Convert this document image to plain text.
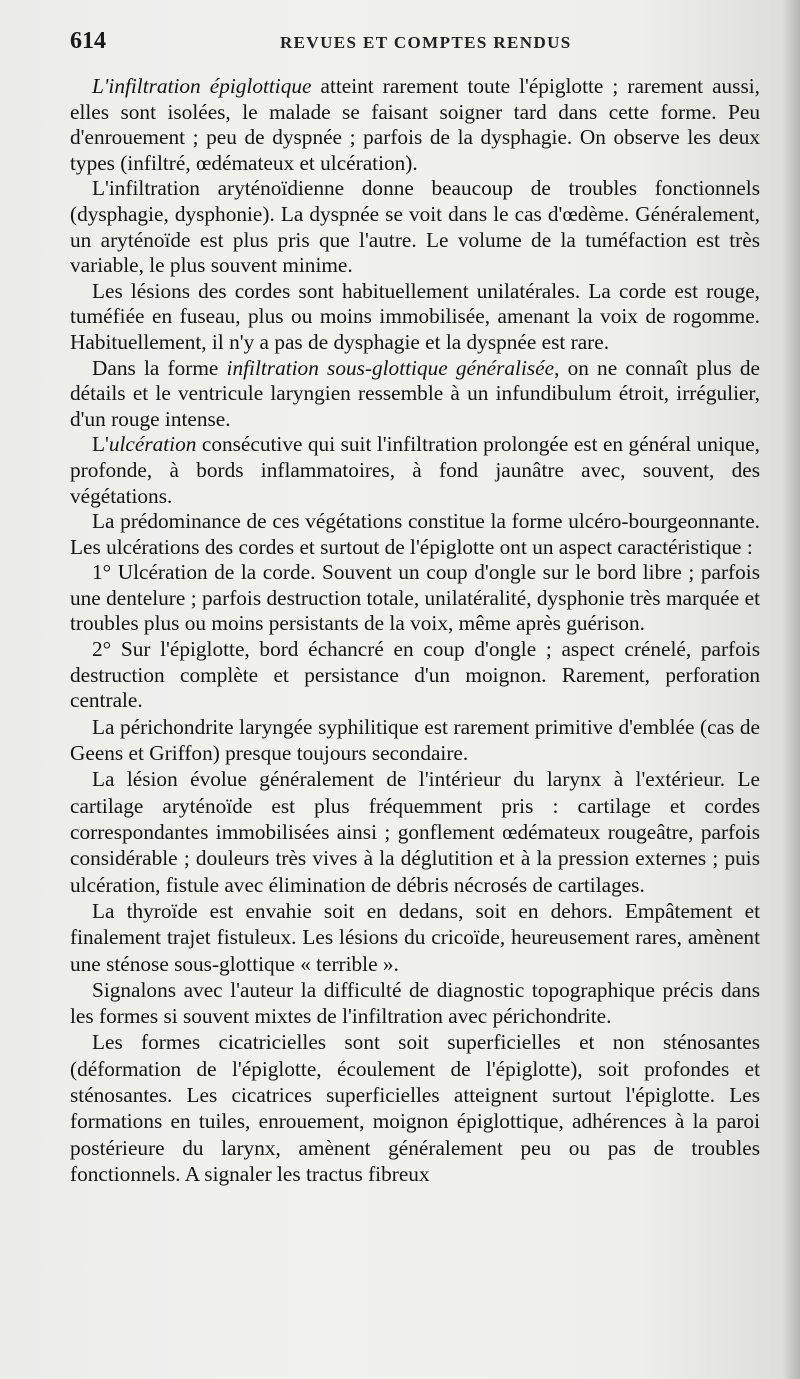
614	REVUES ET COMPTES RENDUS

L'infiltration épiglottique atteint rarement toute l'épiglotte ; rarement aussi, elles sont isolées, le malade se faisant soigner tard dans cette forme. Peu d'enrouement ; peu de dyspnée ; parfois de la dysphagie. On observe les deux types (infiltré, œdémateux et ulcération).

L'infiltration aryténoïdienne donne beaucoup de troubles fonctionnels (dysphagie, dysphonie). La dyspnée se voit dans le cas d'œdème. Généralement, un aryténoïde est plus pris que l'autre. Le volume de la tuméfaction est très variable, le plus souvent minime.

Les lésions des cordes sont habituellement unilatérales. La corde est rouge, tuméfiée en fuseau, plus ou moins immobilisée, amenant la voix de rogomme. Habituellement, il n'y a pas de dysphagie et la dyspnée est rare.

Dans la forme infiltration sous-glottique généralisée, on ne connaît plus de détails et le ventricule laryngien ressemble à un infundibulum étroit, irrégulier, d'un rouge intense.

L'ulcération consécutive qui suit l'infiltration prolongée est en général unique, profonde, à bords inflammatoires, à fond jaunâtre avec, souvent, des végétations.

La prédominance de ces végétations constitue la forme ulcéro-bourgeonnante. Les ulcérations des cordes et surtout de l'épiglotte ont un aspect caractéristique :

1° Ulcération de la corde. Souvent un coup d'ongle sur le bord libre ; parfois une dentelure ; parfois destruction totale, unilatéralité, dysphonie très marquée et troubles plus ou moins persistants de la voix, même après guérison.

2° Sur l'épiglotte, bord échancré en coup d'ongle ; aspect crénelé, parfois destruction complète et persistance d'un moignon. Rarement, perforation centrale.

La périchondrite laryngée syphilitique est rarement primitive d'emblée (cas de Geens et Griffon) presque toujours secondaire.

La lésion évolue généralement de l'intérieur du larynx à l'extérieur. Le cartilage aryténoïde est plus fréquemment pris : cartilage et cordes correspondantes immobilisées ainsi ; gonflement œdémateux rougeâtre, parfois considérable ; douleurs très vives à la déglutition et à la pression externes ; puis ulcération, fistule avec élimination de débris nécrosés de cartilages.

La thyroïde est envahie soit en dedans, soit en dehors. Empâtement et finalement trajet fistuleux. Les lésions du cricoïde, heureusement rares, amènent une sténose sous-glottique « terrible ».

Signalons avec l'auteur la difficulté de diagnostic topographique précis dans les formes si souvent mixtes de l'infiltration avec périchondrite.

Les formes cicatricielles sont soit superficielles et non sténosantes (déformation de l'épiglotte, écoulement de l'épiglotte), soit profondes et sténosantes. Les cicatrices superficielles atteignent surtout l'épiglotte. Les formations en tuiles, enrouement, moignon épiglottique, adhérences à la paroi postérieure du larynx, amènent généralement peu ou pas de troubles fonctionnels. A signaler les tractus fibreux
